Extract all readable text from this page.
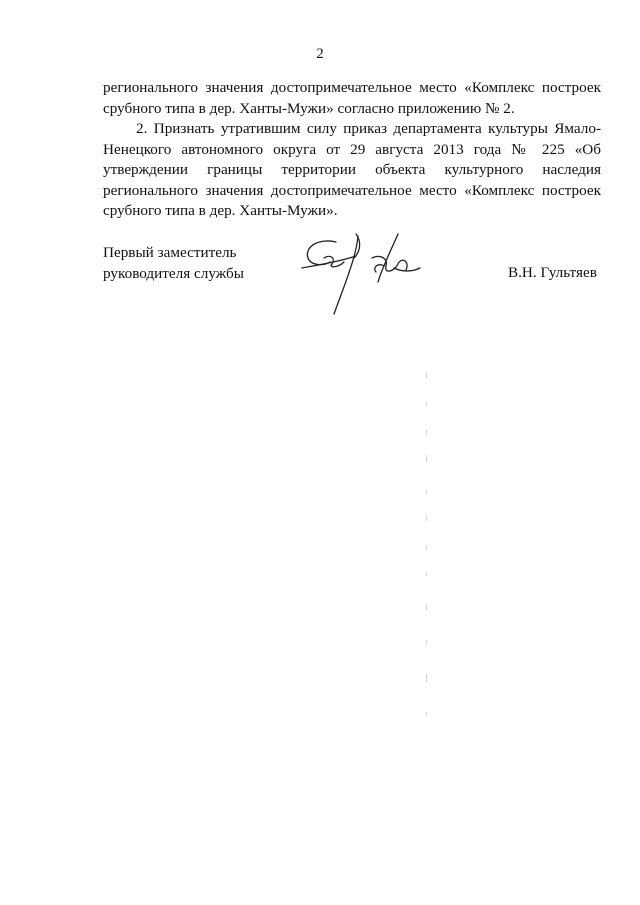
2

регионального значения достопримечательное место «Комплекс построек срубного типа в дер. Ханты-Мужи» согласно приложению № 2.

2. Признать утратившим силу приказ департамента культуры Ямало-Ненецкого автономного округа от 29 августа 2013 года № 225 «Об утверждении границы территории объекта культурного наследия регионального значения достопримечательное место «Комплекс построек срубного типа в дер. Ханты-Мужи».

Первый заместитель
руководителя службы	В.Н. Гультяев
